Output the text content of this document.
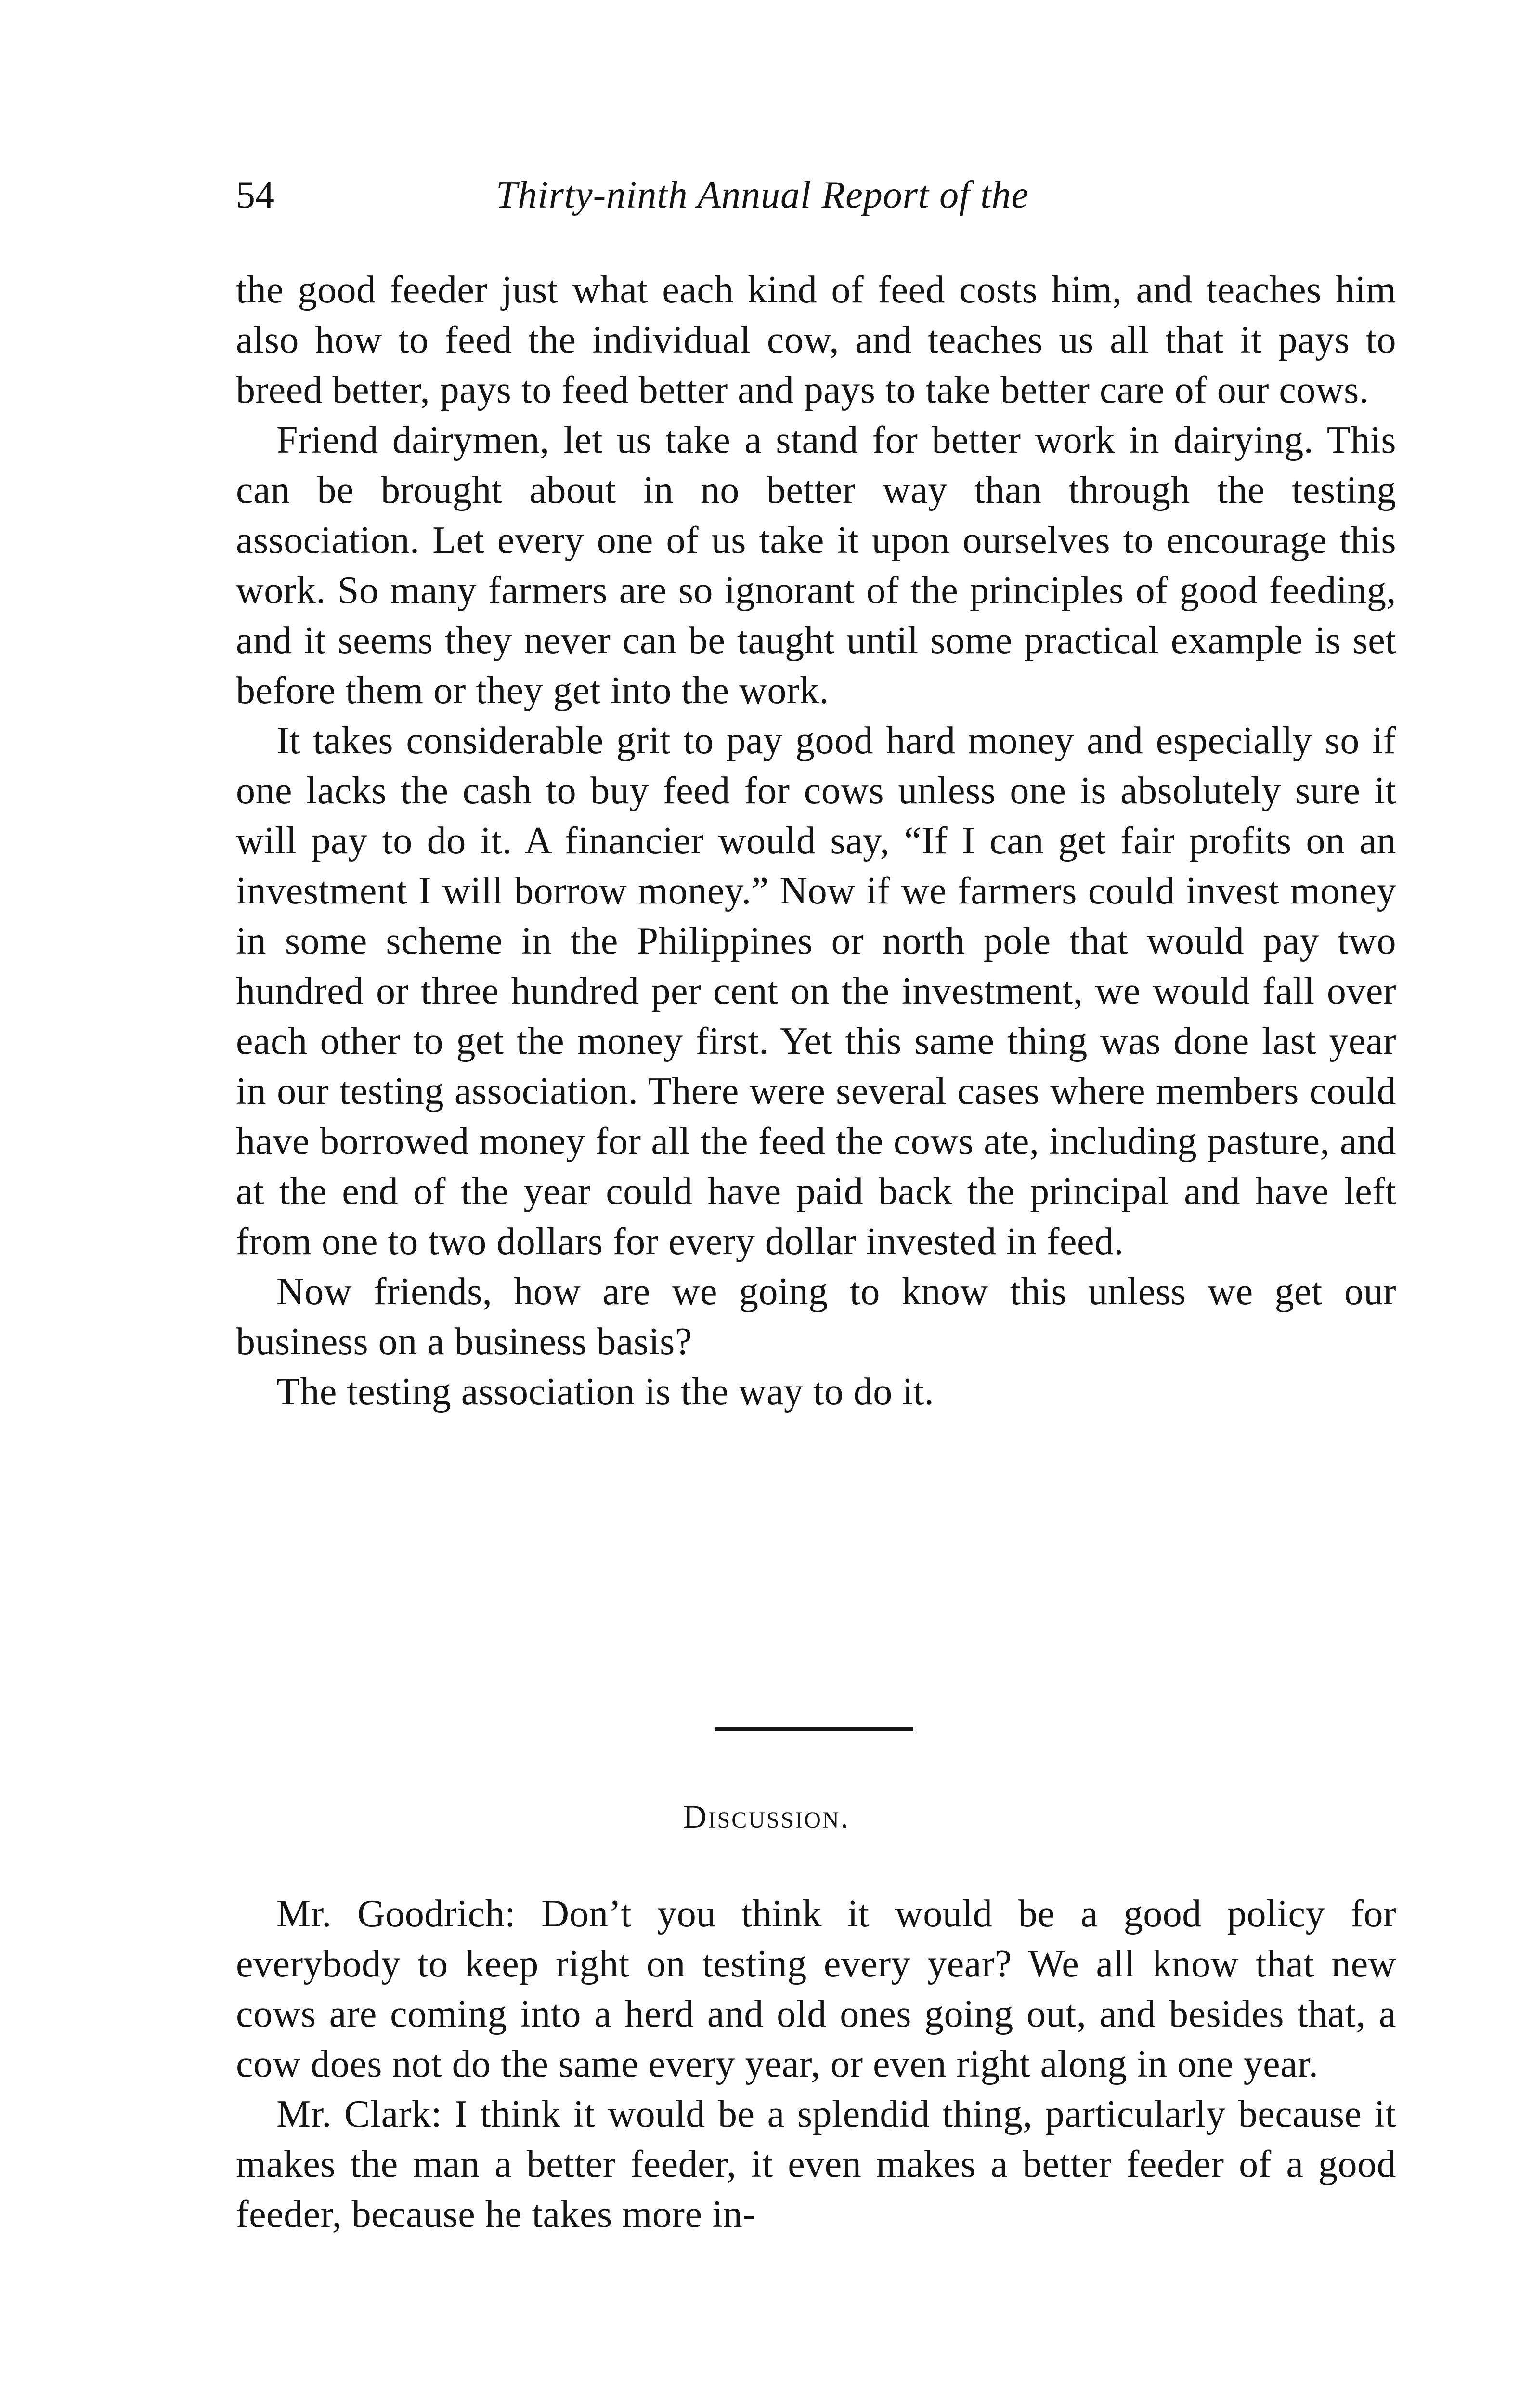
54	Thirty-ninth Annual Report of the

the good feeder just what each kind of feed costs him, and teaches him also how to feed the individual cow, and teaches us all that it pays to breed better, pays to feed better and pays to take better care of our cows.

Friend dairymen, let us take a stand for better work in dairying. This can be brought about in no better way than through the testing association. Let every one of us take it upon ourselves to encourage this work. So many farmers are so ignorant of the principles of good feeding, and it seems they never can be taught until some practical example is set before them or they get into the work.

It takes considerable grit to pay good hard money and especially so if one lacks the cash to buy feed for cows unless one is absolutely sure it will pay to do it. A financier would say, “If I can get fair profits on an investment I will borrow money.” Now if we farmers could invest money in some scheme in the Philippines or north pole that would pay two hundred or three hundred per cent on the investment, we would fall over each other to get the money first. Yet this same thing was done last year in our testing association. There were several cases where members could have borrowed money for all the feed the cows ate, including pasture, and at the end of the year could have paid back the principal and have left from one to two dollars for every dollar invested in feed.

Now friends, how are we going to know this unless we get our business on a business basis?

The testing association is the way to do it.

Discussion.

Mr. Goodrich: Don’t you think it would be a good policy for everybody to keep right on testing every year? We all know that new cows are coming into a herd and old ones going out, and besides that, a cow does not do the same every year, or even right along in one year.

Mr. Clark: I think it would be a splendid thing, particularly because it makes the man a better feeder, it even makes a better feeder of a good feeder, because he takes more in-
